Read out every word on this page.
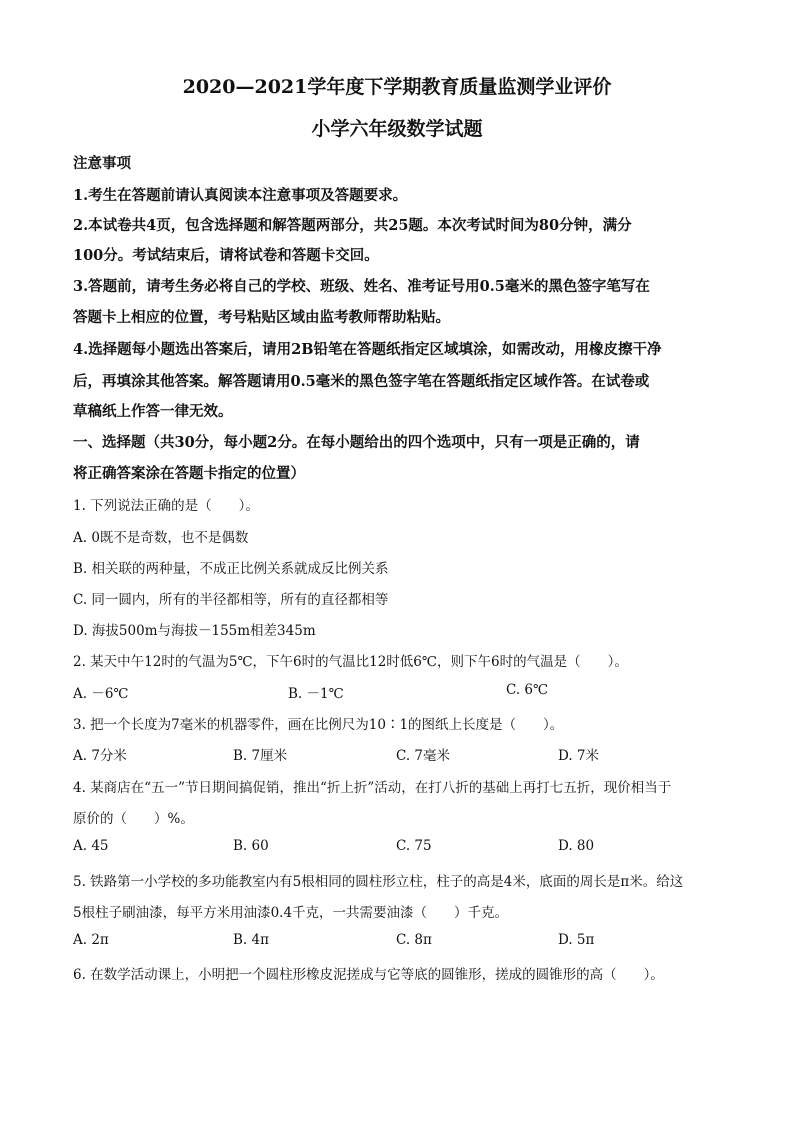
2020—2021学年度下学期教育质量监测学业评价
小学六年级数学试题
注意事项
1.考生在答题前请认真阅读本注意事项及答题要求。
2.本试卷共4页，包含选择题和解答题两部分，共25题。本次考试时间为80分钟，满分
100分。考试结束后，请将试卷和答题卡交回。
3.答题前，请考生务必将自己的学校、班级、姓名、准考证号用0.5毫米的黑色签字笔写在
答题卡上相应的位置，考号粘贴区域由监考教师帮助粘贴。
4.选择题每小题选出答案后，请用2B铅笔在答题纸指定区域填涂，如需改动，用橡皮擦干净
后，再填涂其他答案。解答题请用0.5毫米的黑色签字笔在答题纸指定区域作答。在试卷或
草稿纸上作答一律无效。
一、选择题（共30分，每小题2分。在每小题给出的四个选项中，只有一项是正确的，请
将正确答案涂在答题卡指定的位置）
1. 下列说法正确的是（　　）。
A. 0既不是奇数，也不是偶数
B. 相关联的两种量，不成正比例关系就成反比例关系
C. 同一圆内，所有的半径都相等，所有的直径都相等
D. 海拔500m与海拔－155m相差345m
2. 某天中午12时的气温为5℃，下午6时的气温比12时低6℃，则下午6时的气温是（　　）。
A. －6℃	B. －1℃	C. 6℃
3. 把一个长度为7毫米的机器零件，画在比例尺为10∶1的图纸上长度是（　　）。
A. 7分米	B. 7厘米	C. 7毫米	D. 7米
4. 某商店在“五一”节日期间搞促销，推出“折上折”活动，在打八折的基础上再打七五折，现价相当于
原价的（　　）%。
A. 45	B. 60	C. 75	D. 80
5. 铁路第一小学校的多功能教室内有5根相同的圆柱形立柱，柱子的高是4米，底面的周长是π米。给这
5根柱子刷油漆，每平方米用油漆0.4千克，一共需要油漆（　　）千克。
A. 2π	B. 4π	C. 8π	D. 5π
6. 在数学活动课上，小明把一个圆柱形橡皮泥搓成与它等底的圆锥形，搓成的圆锥形的高（　　）。
